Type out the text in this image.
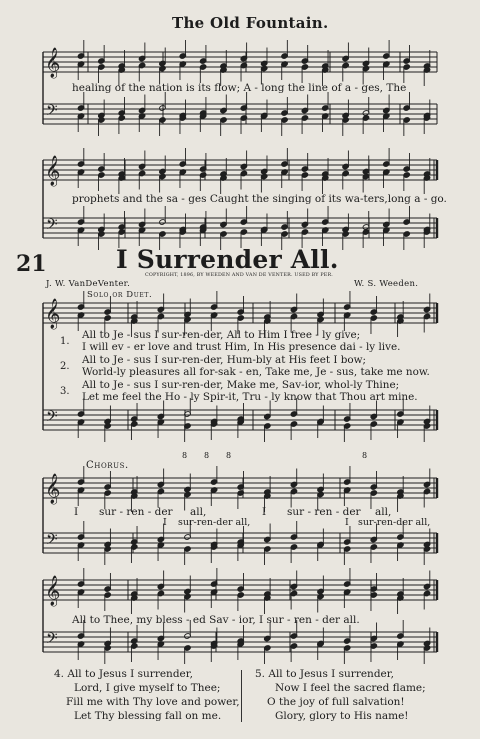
𝄞
𝄢
𝄞
𝄢
𝄞
𝄢
𝄞
𝄢
𝄞
𝄢
The Old Fountain.
healing of the nation is its flow; A - long the line of a - ges, The
prophets and the sa - ges Caught the singing of its wa-ters,long a - go.
21	I Surrender All.
COPYRIGHT, 1896, BY WEEDEN AND VAN DE VENTER. USED BY PER.
J. W. VanDeVenter.	W. S. Weeden.
Solo or Duet.
1.
All to Je - sus I sur-ren-der, All to Him I free - ly give;
I will ev - er love and trust Him, In His presence dai - ly live.
2.
All to Je - sus I sur-ren-der, Hum-bly at His feet I bow;
World-ly pleasures all for-sak - en, Take me, Je - sus, take me now.
3.
All to Je - sus I sur-ren-der, Make me, Sav-ior, whol-ly Thine;
Let me feel the Ho - ly Spir-it, Tru - ly know that Thou art mine.
8 8 8	8
Chorus.
I sur - ren - der all,	I sur - ren - der all,
I sur-ren-der all,	I sur-ren-der all,
All to Thee, my bless - ed Sav - ior, I sur - ren - der all.
4. All to Jesus I surrender,
Lord, I give myself to Thee;
Fill me with Thy love and power,
Let Thy blessing fall on me.
5. All to Jesus I surrender,
Now I feel the sacred flame;
O the joy of full salvation!
Glory, glory to His name!
